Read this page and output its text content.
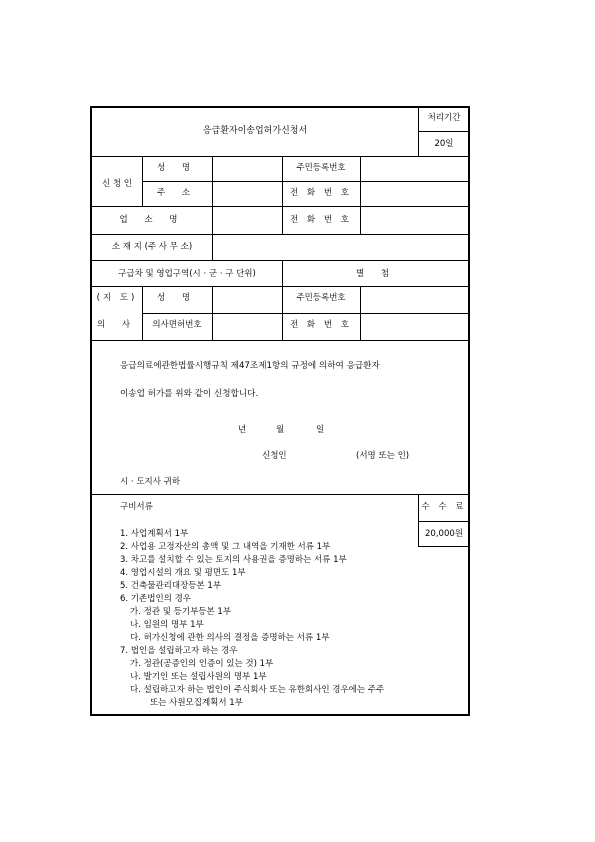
응급환자이송업허가신청서
처리기간
20일
신 청 인
성 명	주민등록번호
주 소	전 화 번 호
업 소 명	전 화 번 호
소 재 지 (주 사 무 소)
구급차 및 영업구역(시 · 군 · 구 단위)	별 첨
(지 도)
의 사
성 명	주민등록번호
의사면허번호	전 화 번 호
응급의료에관한법률시행규칙 제47조제1항의 규정에 의하여 응급환자
이송업 허가를 위와 같이 신청합니다.
년	월	일
신청인	(서명 또는 인)
시 · 도지사 귀하
구비서류	수 수 료
20,000원
1. 사업계획서 1부
2. 사업용 고정자산의 총액 및 그 내역을 기재한 서류 1부
3. 차고를 설치할 수 있는 토지의 사용권을 증명하는 서류 1부
4. 영업시설의 개요 및 평면도 1부
5. 건축물관리대장등본 1부
6. 기존법인의 경우
가. 정관 및 등기부등본 1부
나. 임원의 명부 1부
다. 허가신청에 관한 의사의 결정을 증명하는 서류 1부
7. 법인을 설립하고자 하는 경우
가. 정관(공증인의 인증이 있는 것) 1부
나. 발기인 또는 설립사원의 명부 1부
다. 설립하고자 하는 법인이 주식회사 또는 유한회사인 경우에는 주주
또는 사원모집계획서 1부
